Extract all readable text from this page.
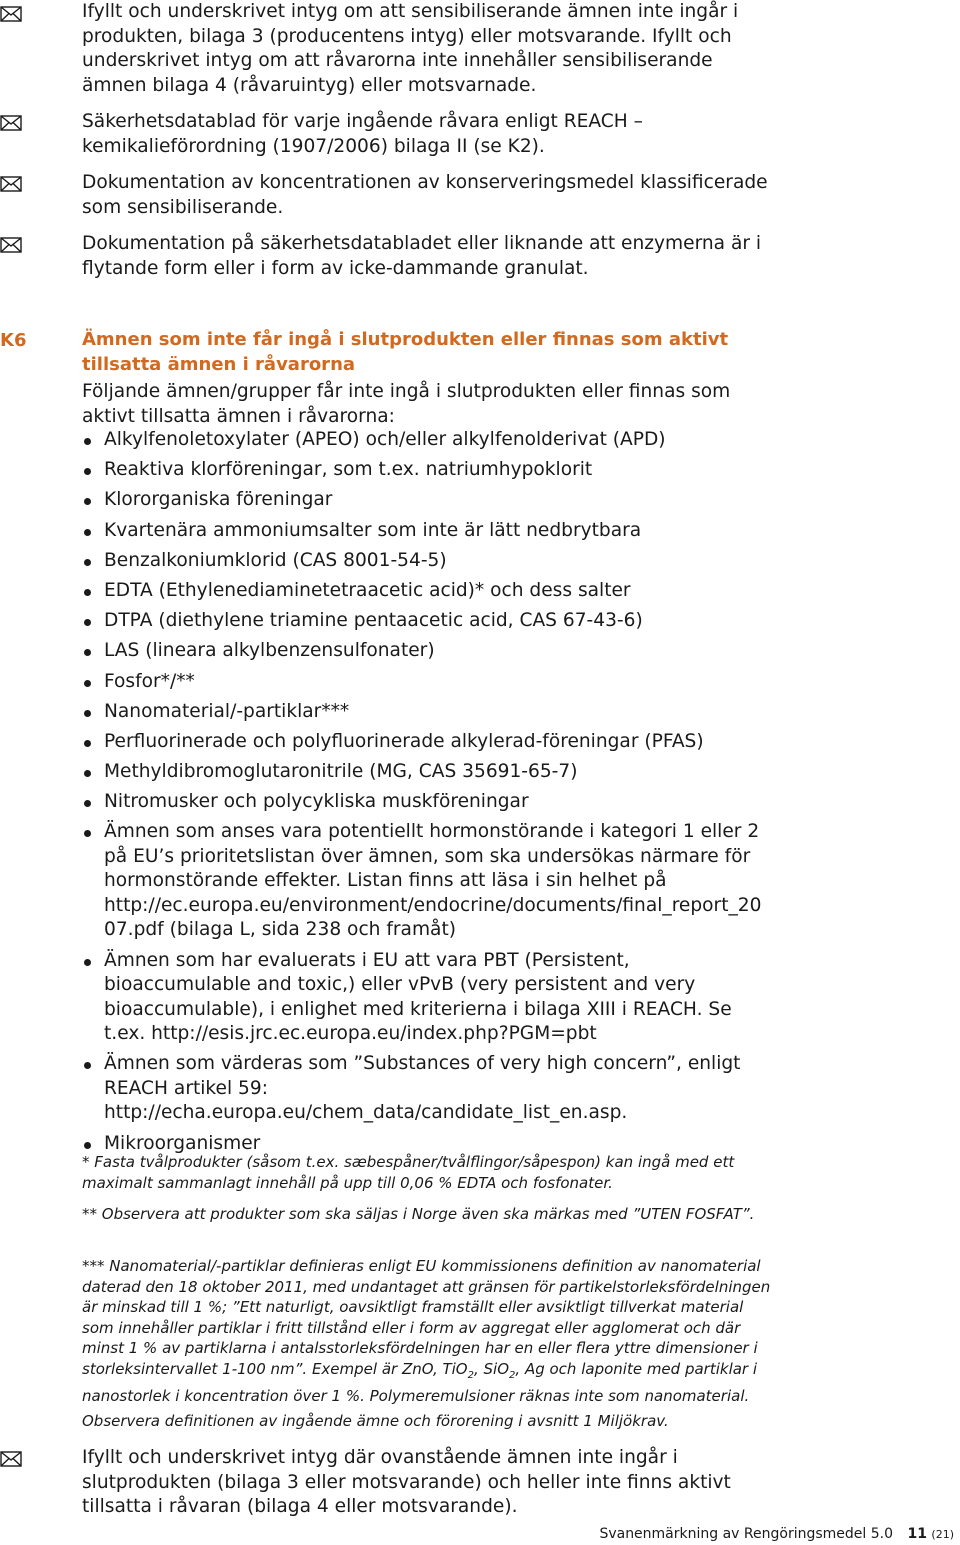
Ifyllt och underskrivet intyg om att sensibiliserande ämnen inte ingår i produkten, bilaga 3 (producentens intyg) eller motsvarande. Ifyllt och underskrivet intyg om att råvarorna inte innehåller sensibiliserande ämnen bilaga 4 (råvaruintyg) eller motsvarnade.

Säkerhetsdatablad för varje ingående råvara enligt REACH – kemikalieförordning (1907/2006) bilaga II (se K2).

Dokumentation av koncentrationen av konserveringsmedel klassificerade som sensibiliserande.

Dokumentation på säkerhetsdatabladet eller liknande att enzymerna är i flytande form eller i form av icke-dammande granulat.

K6	Ämnen som inte får ingå i slutprodukten eller finnas som aktivt tillsatta ämnen i råvarorna

Följande ämnen/grupper får inte ingå i slutprodukten eller finnas som aktivt tillsatta ämnen i råvarorna:

Alkylfenoletoxylater (APEO) och/eller alkylfenolderivat (APD)
Reaktiva klorföreningar, som t.ex. natriumhypoklorit
Klororganiska föreningar
Kvartenära ammoniumsalter som inte är lätt nedbrytbara
Benzalkoniumklorid (CAS 8001-54-5)
EDTA (Ethylenediaminetetraacetic acid)* och dess salter
DTPA (diethylene triamine pentaacetic acid, CAS 67-43-6)
LAS (lineara alkylbenzensulfonater)
Fosfor*/**
Nanomaterial/-partiklar***
Perfluorinerade och polyfluorinerade alkylerad-föreningar (PFAS)
Methyldibromoglutaronitrile (MG, CAS 35691-65-7)
Nitromusker och polycykliska muskföreningar
Ämnen som anses vara potentiellt hormonstörande i kategori 1 eller 2 på EU’s prioritetslistan över ämnen, som ska undersökas närmare för hormonstörande effekter. Listan finns att läsa i sin helhet på http://ec.europa.eu/environment/endocrine/documents/final_report_2007.pdf (bilaga L, sida 238 och framåt)
Ämnen som har evaluerats i EU att vara PBT (Persistent, bioaccumulable and toxic,) eller vPvB (very persistent and very bioaccumulable), i enlighet med kriterierna i bilaga XIII i REACH. Se t.ex. http://esis.jrc.ec.europa.eu/index.php?PGM=pbt
Ämnen som värderas som ”Substances of very high concern”, enligt REACH artikel 59: http://echa.europa.eu/chem_data/candidate_list_en.asp.
Mikroorganismer

* Fasta tvålprodukter (såsom t.ex. sæbespåner/tvålflingor/såpespon) kan ingå med ett maximalt sammanlagt innehåll på upp till 0,06 % EDTA och fosfonater.

** Observera att produkter som ska säljas i Norge även ska märkas med ”UTEN FOSFAT”.

*** Nanomaterial/-partiklar definieras enligt EU kommissionens definition av nanomaterial daterad den 18 oktober 2011, med undantaget att gränsen för partikelstorleksfördelningen är minskad till 1 %; ”Ett naturligt, oavsiktligt framställt eller avsiktligt tillverkat material som innehåller partiklar i fritt tillstånd eller i form av aggregat eller agglomerat och där minst 1 % av partiklarna i antalsstorleksfördelningen har en eller flera yttre dimensioner i storleksintervallet 1-100 nm”. Exempel är ZnO, TiO$_2$, SiO$_2$, Ag och laponite med partiklar i nanostorlek i koncentration över 1 %. Polymeremulsioner räknas inte som nanomaterial.

Observera definitionen av ingående ämne och förorening i avsnitt 1 Miljökrav.

Ifyllt och underskrivet intyg där ovanstående ämnen inte ingår i slutprodukten (bilaga 3 eller motsvarande) och heller inte finns aktivt tillsatta i råvaran (bilaga 4 eller motsvarande).

Svanenmärkning av Rengöringsmedel 5.0 11 (21)
